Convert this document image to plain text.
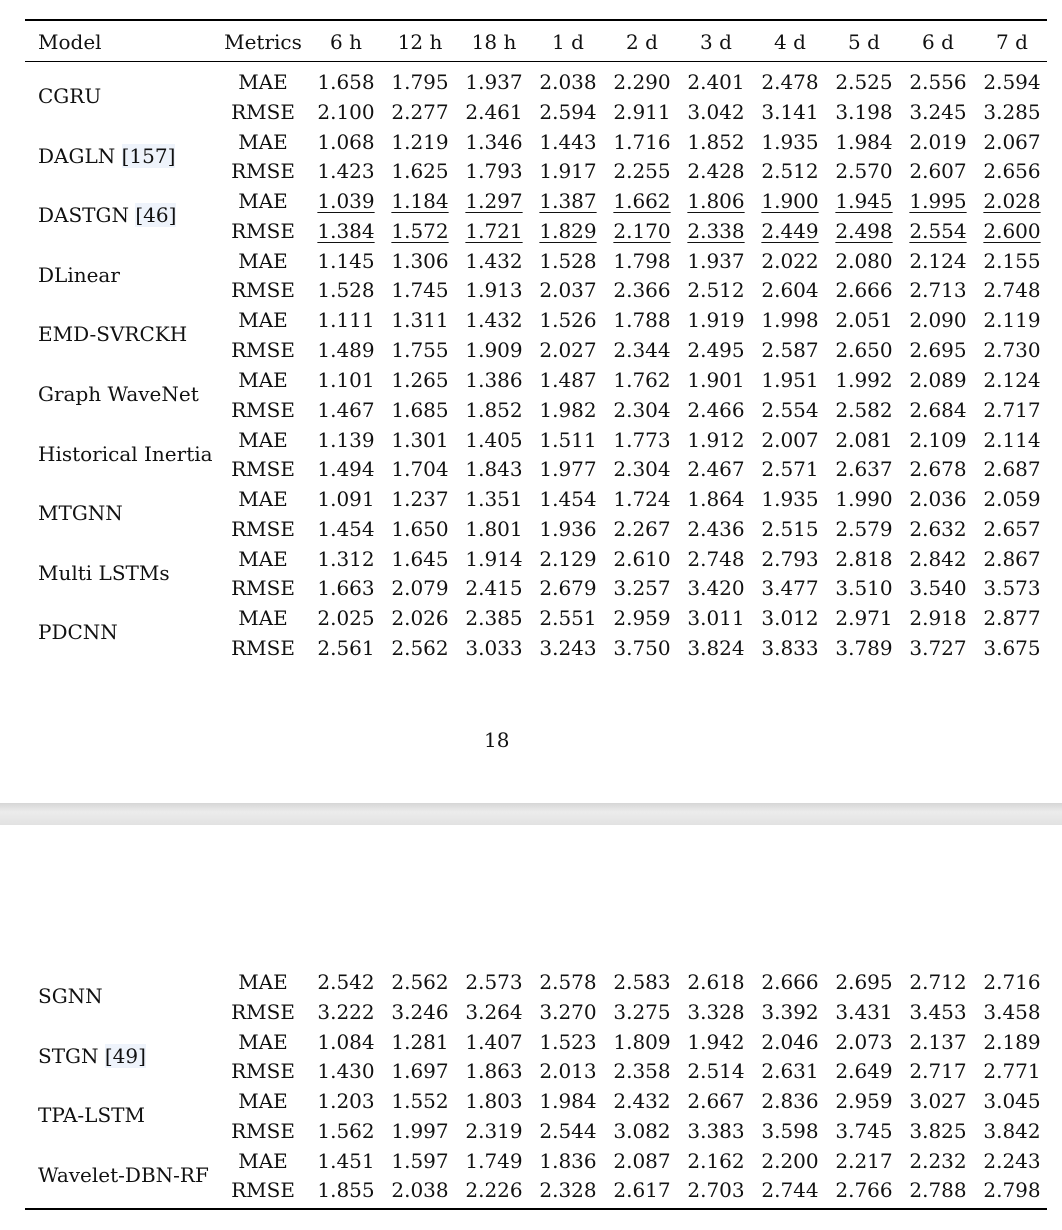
Model	Metrics 6 h 12 h 18 h 1 d 2 d 3 d 4 d 5 d 6 d 7 d
CGRU
MAE
RMSE
1.658
2.100
1.795
2.277
1.937
2.461
2.038
2.594
2.290
2.911
2.401
3.042
2.478
3.141
2.525
3.198
2.556
3.245
2.594
3.285
DAGLN [157]
MAE
RMSE
1.068
1.423
1.219
1.625
1.346
1.793
1.443
1.917
1.716
2.255
1.852
2.428
1.935
2.512
1.984
2.570
2.019
2.607
2.067
2.656
DASTGN [46]
MAE
RMSE
1.039
1.384
1.184
1.572
1.297
1.721
1.387
1.829
1.662
2.170
1.806
2.338
1.900
2.449
1.945
2.498
1.995
2.554
2.028
2.600
DLinear
MAE
RMSE
1.145
1.528
1.306
1.745
1.432
1.913
1.528
2.037
1.798
2.366
1.937
2.512
2.022
2.604
2.080
2.666
2.124
2.713
2.155
2.748
EMD-SVRCKH
MAE
RMSE
1.111
1.489
1.311
1.755
1.432
1.909
1.526
2.027
1.788
2.344
1.919
2.495
1.998
2.587
2.051
2.650
2.090
2.695
2.119
2.730
Graph WaveNet
MAE
RMSE
1.101
1.467
1.265
1.685
1.386
1.852
1.487
1.982
1.762
2.304
1.901
2.466
1.951
2.554
1.992
2.582
2.089
2.684
2.124
2.717
Historical Inertia
MAE
RMSE
1.139
1.494
1.301
1.704
1.405
1.843
1.511
1.977
1.773
2.304
1.912
2.467
2.007
2.571
2.081
2.637
2.109
2.678
2.114
2.687
MTGNN
MAE
RMSE
1.091
1.454
1.237
1.650
1.351
1.801
1.454
1.936
1.724
2.267
1.864
2.436
1.935
2.515
1.990
2.579
2.036
2.632
2.059
2.657
Multi LSTMs
MAE
RMSE
1.312
1.663
1.645
2.079
1.914
2.415
2.129
2.679
2.610
3.257
2.748
3.420
2.793
3.477
2.818
3.510
2.842
3.540
2.867
3.573
PDCNN
MAE
RMSE
2.025
2.561
2.026
2.562
2.385
3.033
2.551
3.243
2.959
3.750
3.011
3.824
3.012
3.833
2.971
3.789
2.918
3.727
2.877
3.675
18
SGNN
MAE
RMSE
2.542
3.222
2.562
3.246
2.573
3.264
2.578
3.270
2.583
3.275
2.618
3.328
2.666
3.392
2.695
3.431
2.712
3.453
2.716
3.458
STGN [49]
MAE
RMSE
1.084
1.430
1.281
1.697
1.407
1.863
1.523
2.013
1.809
2.358
1.942
2.514
2.046
2.631
2.073
2.649
2.137
2.717
2.189
2.771
TPA-LSTM
MAE
RMSE
1.203
1.562
1.552
1.997
1.803
2.319
1.984
2.544
2.432
3.082
2.667
3.383
2.836
3.598
2.959
3.745
3.027
3.825
3.045
3.842
Wavelet-DBN-RF
MAE
RMSE
1.451
1.855
1.597
2.038
1.749
2.226
1.836
2.328
2.087
2.617
2.162
2.703
2.200
2.744
2.217
2.766
2.232
2.788
2.243
2.798
